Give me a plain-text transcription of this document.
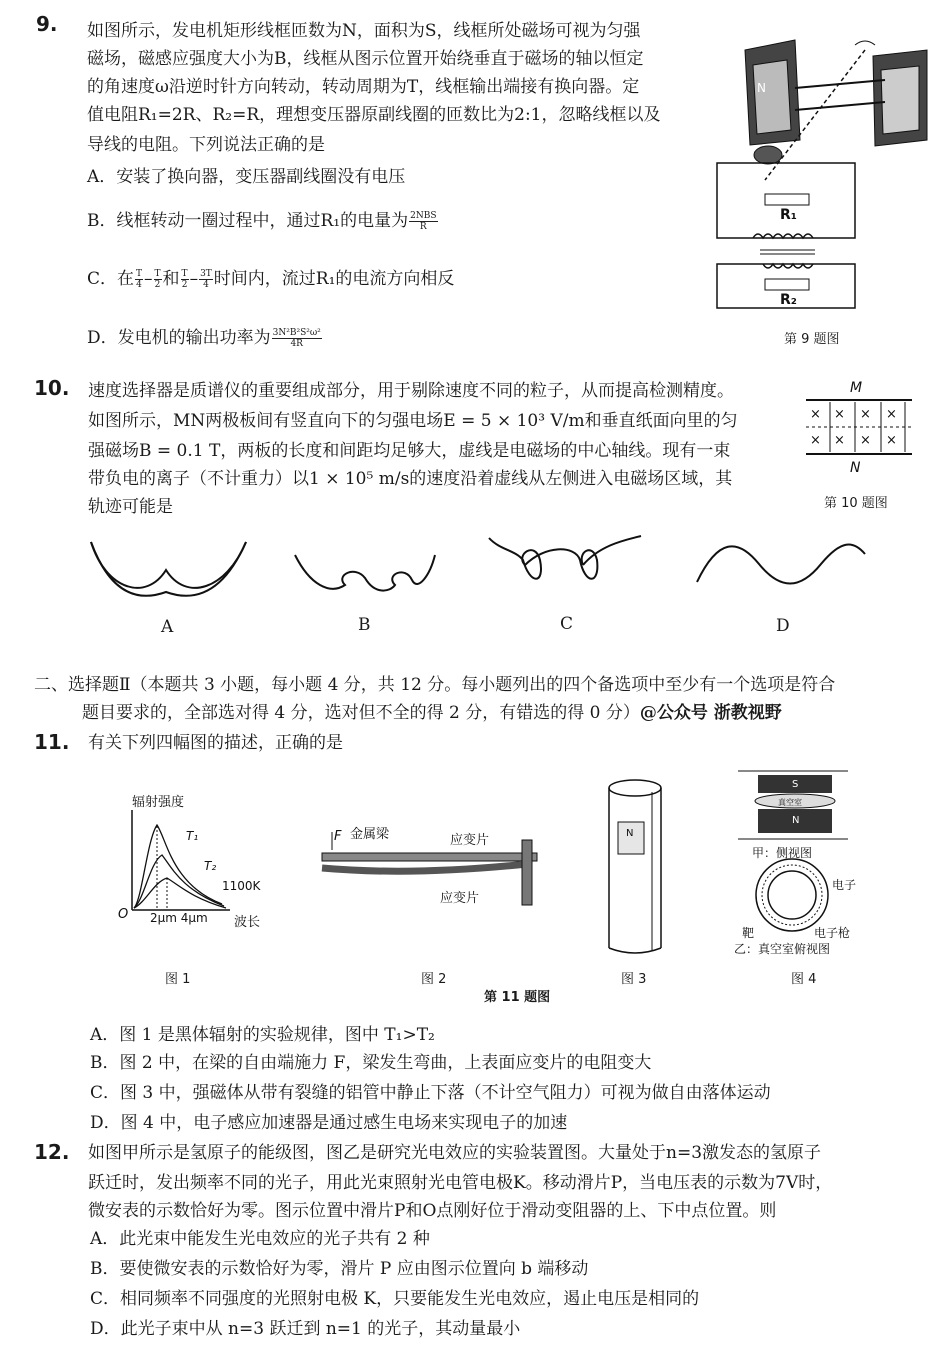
9. 如图所示，发电机矩形线框匝数为N，面积为S，线框所处磁场可视为匀强
磁场，磁感应强度大小为B，线框从图示位置开始绕垂直于磁场的轴以恒定
的角速度ω沿逆时针方向转动，转动周期为T，线框输出端接有换向器。定
值电阻R₁=2R、R₂=R，理想变压器原副线圈的匝数比为2:1，忽略线框以及
导线的电阻。下列说法正确的是
A．安装了换向器，变压器副线圈没有电压
B．线框转动一圈过程中，通过R₁的电量为 $\frac{\text{2NBS}}{R}$
C．在 $\frac{T}{4} - \frac{T}{2}$ 和 $\frac{T}{2} - \frac{3T}{4}$ 时间内，流过R₁的电流方向相反
D．发电机的输出功率为 $\frac{\text{3N²B²S²ω²}}{4R}$
N
R₁
R₂
第 9 题图
10. 速度选择器是质谱仪的重要组成部分，用于剔除速度不同的粒子，从而提高检测精度。
如图所示，MN两极板间有竖直向下的匀强电场E = 5 × 10³ V/m和垂直纸面向里的匀
强磁场B = 0.1 T，两板的长度和间距均足够大，虚线是电磁场的中心轴线。现有一束
带负电的离子（不计重力）以1 × 10⁵ m/s的速度沿着虚线从左侧进入电磁场区域，其
轨迹可能是
M
× × × ×
× × × ×
N
第 10 题图
A	B	C	D
二、选择题Ⅱ（本题共 3 小题，每小题 4 分，共 12 分。每小题列出的四个备选项中至少有一个选项是符合
题目要求的，全部选对得 4 分，选对但不全的得 2 分，有错选的得 0 分）@公众号 浙教视野
11. 有关下列四幅图的描述，正确的是
辐射强度
T₁
T₂
1100K
O 2μm 4μm 波长
图 1
F 金属梁	应变片
应变片
图 2
N
图 3
S
真空室
N
甲：侧视图
电子
靶	电子枪
乙：真空室俯视图
图 4
第 11 题图
A．图 1 是黑体辐射的实验规律，图中 T₁>T₂
B．图 2 中，在梁的自由端施力 F，梁发生弯曲，上表面应变片的电阻变大
C．图 3 中，强磁体从带有裂缝的铝管中静止下落（不计空气阻力）可视为做自由落体运动
D．图 4 中，电子感应加速器是通过感生电场来实现电子的加速
12. 如图甲所示是氢原子的能级图，图乙是研究光电效应的实验装置图。大量处于n=3激发态的氢原子
跃迁时，发出频率不同的光子，用此光束照射光电管电极K。移动滑片P，当电压表的示数为7V时，
微安表的示数恰好为零。图示位置中滑片P和O点刚好位于滑动变阻器的上、下中点位置。则
A．此光束中能发生光电效应的光子共有 2 种
B．要使微安表的示数恰好为零，滑片 P 应由图示位置向 b 端移动
C．相同频率不同强度的光照射电极 K，只要能发生光电效应，遏止电压是相同的
D．此光子束中从 n=3 跃迁到 n=1 的光子，其动量最小
